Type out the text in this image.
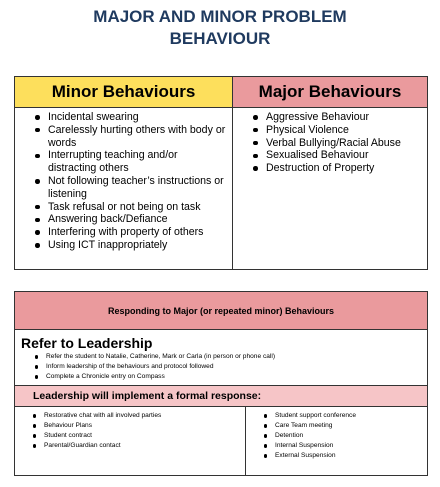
MAJOR AND MINOR PROBLEM
BEHAVIOUR
Minor Behaviours	Major Behaviours
Incidental swearing
Carelessly hurting others with body or words
Interrupting teaching and/or distracting others
Not following teacher’s instructions or listening
Task refusal or not being on task
Answering back/Defiance
Interfering with property of others
Using ICT inappropriately
Aggressive Behaviour
Physical Violence
Verbal Bullying/Racial Abuse
Sexualised Behaviour
Destruction of Property
Responding to Major (or repeated minor) Behaviours
Refer to Leadership
Refer the student to Natalie, Catherine, Mark or Carla (in person or phone call)
Inform leadership of the behaviours and protocol followed
Complete a Chronicle entry on Compass
Leadership will implement a formal response:
Restorative chat with all involved parties
Behaviour Plans
Student contract
Parental/Guardian contact
Student support conference
Care Team meeting
Detention
Internal Suspension
External Suspension
